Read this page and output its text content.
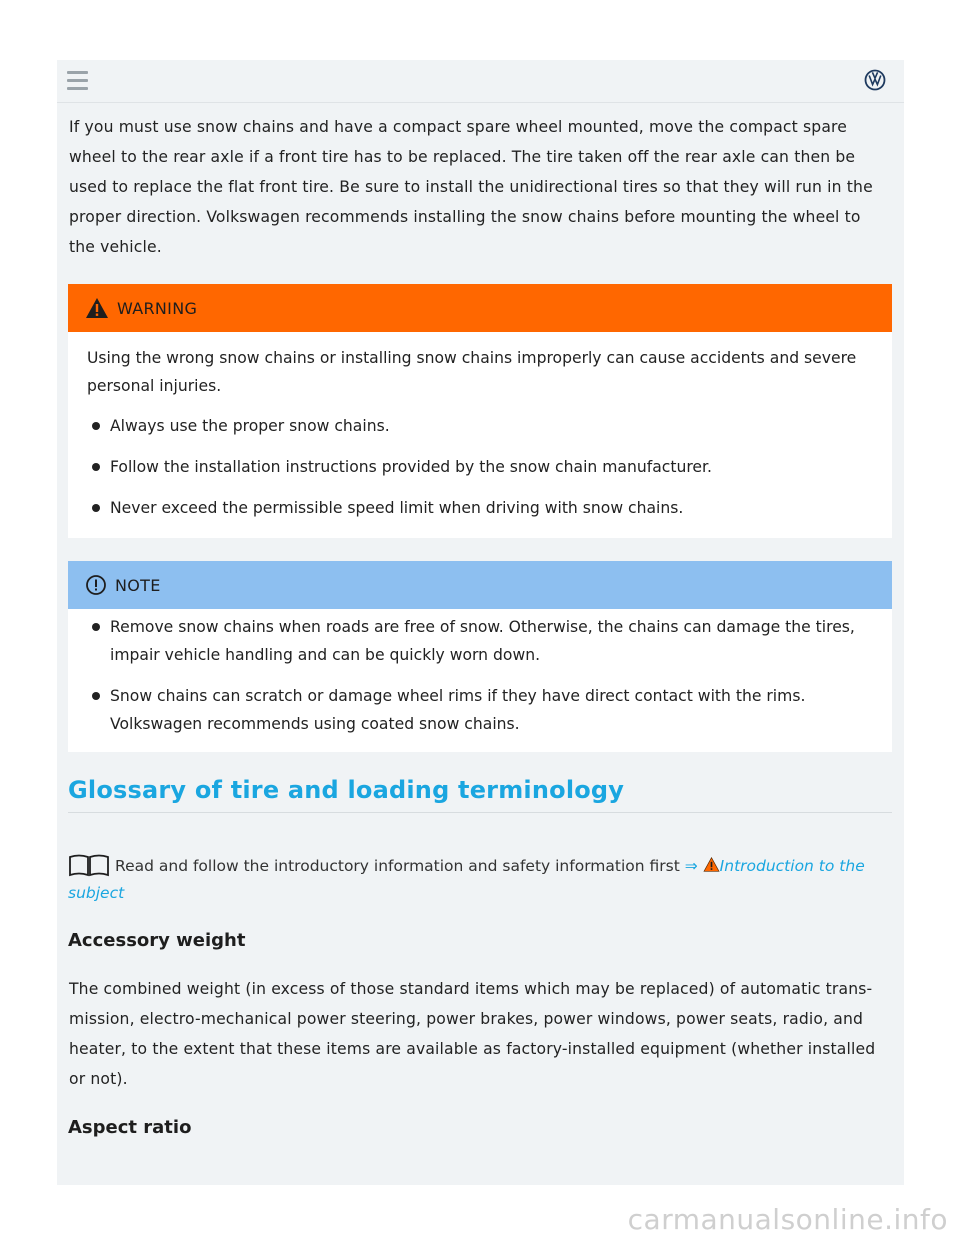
If you must use snow chains and have a compact spare wheel mounted, move the compact spare wheel to the rear axle if a front tire has to be replaced. The tire taken off the rear axle can then be used to replace the flat front tire. Be sure to install the unidirectional tires so that they will run in the proper direction. Volkswagen recommends installing the snow chains before mounting the wheel to the vehicle.

WARNING

Using the wrong snow chains or installing snow chains improperly can cause accidents and severe personal injuries.

Always use the proper snow chains.
Follow the installation instructions provided by the snow chain manufacturer.
Never exceed the permissible speed limit when driving with snow chains.
NOTE
Remove snow chains when roads are free of snow. Otherwise, the chains can damage the tires, impair vehicle handling and can be quickly worn down.
Snow chains can scratch or damage wheel rims if they have direct contact with the rims. Volkswagen recommends using coated snow chains.
Glossary of tire and loading terminology

Read and follow the introductory information and safety information first ⇒ Introduction to the subject

Accessory weight

The combined weight (in excess of those standard items which may be replaced) of automatic trans-mission, electro-mechanical power steering, power brakes, power windows, power seats, radio, and heater, to the extent that these items are available as factory-installed equipment (whether installed or not).

Aspect ratio
carmanualsonline.info
